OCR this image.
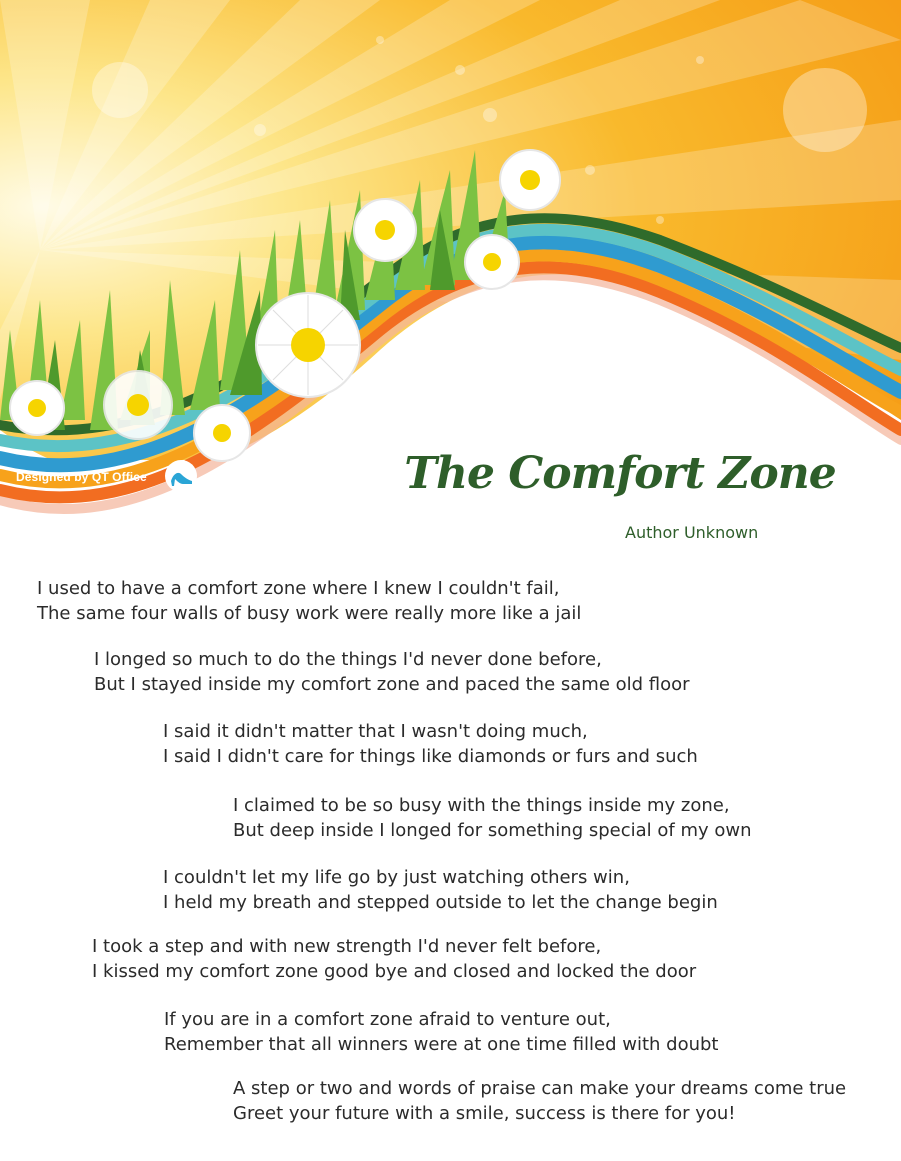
Designed by QT Office	The Comfort Zone
Author Unknown
I used to have a comfort zone where I knew I couldn't fail,
The same four walls of busy work were really more like a jail
I longed so much to do the things I'd never done before,
But I stayed inside my comfort zone and paced the same old floor
I said it didn't matter that I wasn't doing much,
I said I didn't care for things like diamonds or furs and such
I claimed to be so busy with the things inside my zone,
But deep inside I longed for something special of my own
I couldn't let my life go by just watching others win,
I held my breath and stepped outside to let the change begin
I took a step and with new strength I'd never felt before,
I kissed my comfort zone good bye and closed and locked the door
If you are in a comfort zone afraid to venture out,
Remember that all winners were at one time filled with doubt
A step or two and words of praise can make your dreams come true
Greet your future with a smile, success is there for you!
